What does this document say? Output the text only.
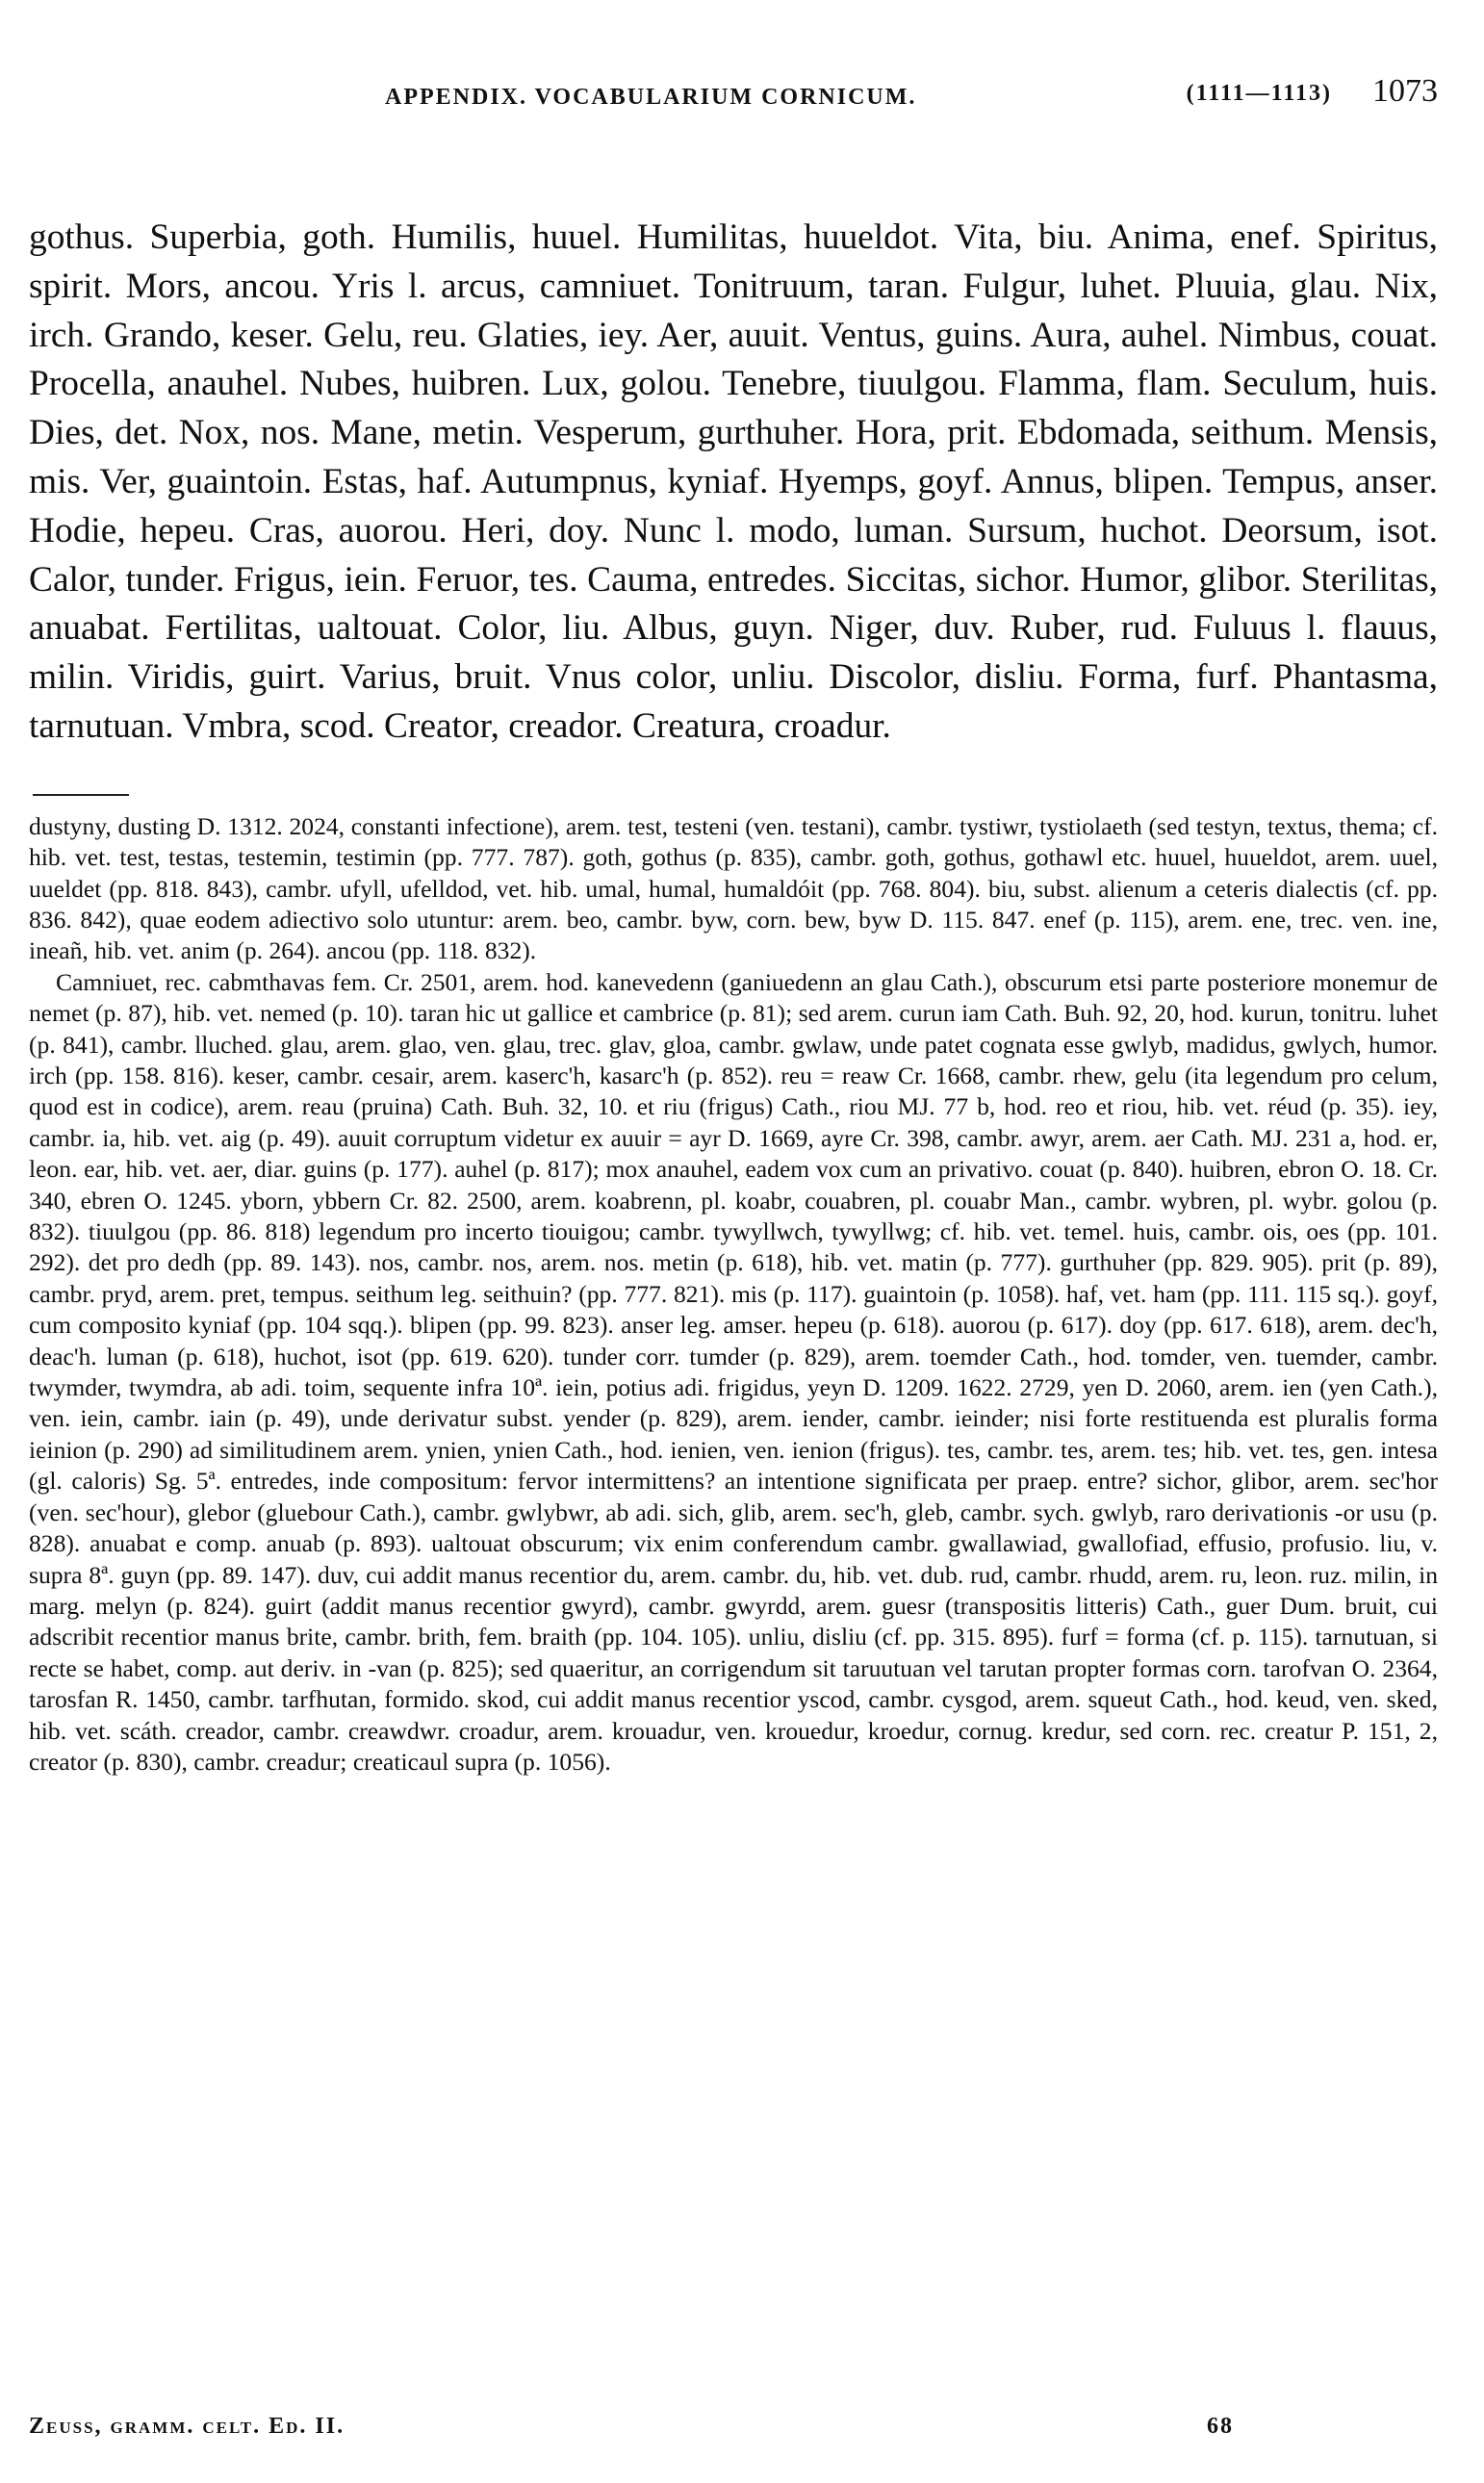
APPENDIX. VOCABULARIUM CORNICUM.	(1111—1113) 1073
gothus. Superbia, goth. Humilis, huuel. Humilitas, huueldot. Vita, biu. Anima, enef. Spiritus, spirit. Mors, ancou. Yris l. arcus, camniuet. Tonitruum, taran. Fulgur, luhet. Pluuia, glau. Nix, irch. Grando, keser. Gelu, reu. Glaties, iey. Aer, auuit. Ventus, guins. Aura, auhel. Nimbus, couat. Procella, anauhel. Nubes, huibren. Lux, golou. Tenebre, tiuulgou. Flamma, flam. Seculum, huis. Dies, det. Nox, nos. Mane, metin. Vesperum, gurthuher. Hora, prit. Ebdomada, seithum. Mensis, mis. Ver, guaintoin. Estas, haf. Autumpnus, kyniaf. Hyemps, goyf. Annus, blipen. Tempus, anser. Hodie, hepeu. Cras, auorou. Heri, doy. Nunc l. modo, luman. Sursum, huchot. Deorsum, isot. Calor, tunder. Frigus, iein. Feruor, tes. Cauma, entredes. Siccitas, sichor. Humor, glibor. Sterilitas, anuabat. Fertilitas, ualtouat. Color, liu. Albus, guyn. Niger, duv. Ruber, rud. Fuluus l. flauus, milin. Viridis, guirt. Varius, bruit. Vnus color, unliu. Discolor, disliu. Forma, furf. Phantasma, tarnutuan. Vmbra, scod. Creator, creador. Creatura, croadur.

dustyny, dusting D. 1312. 2024, constanti infectione), arem. test, testeni (ven. testani), cambr. tystiwr, tystiolaeth (sed testyn, textus, thema; cf. hib. vet. test, testas, testemin, testimin (pp. 777. 787). goth, gothus (p. 835), cambr. goth, gothus, gothawl etc. huuel, huueldot, arem. uuel, uueldet (pp. 818. 843), cambr. ufyll, ufelldod, vet. hib. umal, humal, humaldóit (pp. 768. 804). biu, subst. alienum a ceteris dialectis (cf. pp. 836. 842), quae eodem adiectivo solo utuntur: arem. beo, cambr. byw, corn. bew, byw D. 115. 847. enef (p. 115), arem. ene, trec. ven. ine, ineañ, hib. vet. anim (p. 264). ancou (pp. 118. 832).

Camniuet, rec. cabmthavas fem. Cr. 2501, arem. hod. kanevedenn (ganiuedenn an glau Cath.), obscurum etsi parte posteriore monemur de nemet (p. 87), hib. vet. nemed (p. 10). taran hic ut gallice et cambrice (p. 81); sed arem. curun iam Cath. Buh. 92, 20, hod. kurun, tonitru. luhet (p. 841), cambr. lluched. glau, arem. glao, ven. glau, trec. glav, gloa, cambr. gwlaw, unde patet cognata esse gwlyb, madidus, gwlych, humor. irch (pp. 158. 816). keser, cambr. cesair, arem. kaserc'h, kasarc'h (p. 852). reu = reaw Cr. 1668, cambr. rhew, gelu (ita legendum pro celum, quod est in codice), arem. reau (pruina) Cath. Buh. 32, 10. et riu (frigus) Cath., riou MJ. 77 b, hod. reo et riou, hib. vet. réud (p. 35). iey, cambr. ia, hib. vet. aig (p. 49). auuit corruptum videtur ex auuir = ayr D. 1669, ayre Cr. 398, cambr. awyr, arem. aer Cath. MJ. 231 a, hod. er, leon. ear, hib. vet. aer, diar. guins (p. 177). auhel (p. 817); mox anauhel, eadem vox cum an privativo. couat (p. 840). huibren, ebron O. 18. Cr. 340, ebren O. 1245. yborn, ybbern Cr. 82. 2500, arem. koabrenn, pl. koabr, couabren, pl. couabr Man., cambr. wybren, pl. wybr. golou (p. 832). tiuulgou (pp. 86. 818) legendum pro incerto tiouigou; cambr. tywyllwch, tywyllwg; cf. hib. vet. temel. huis, cambr. ois, oes (pp. 101. 292). det pro dedh (pp. 89. 143). nos, cambr. nos, arem. nos. metin (p. 618), hib. vet. matin (p. 777). gurthuher (pp. 829. 905). prit (p. 89), cambr. pryd, arem. pret, tempus. seithum leg. seithuin? (pp. 777. 821). mis (p. 117). guaintoin (p. 1058). haf, vet. ham (pp. 111. 115 sq.). goyf, cum composito kyniaf (pp. 104 sqq.). blipen (pp. 99. 823). anser leg. amser. hepeu (p. 618). auorou (p. 617). doy (pp. 617. 618), arem. dec'h, deac'h. luman (p. 618), huchot, isot (pp. 619. 620). tunder corr. tumder (p. 829), arem. toemder Cath., hod. tomder, ven. tuemder, cambr. twymder, twymdra, ab adi. toim, sequente infra 10ª. iein, potius adi. frigidus, yeyn D. 1209. 1622. 2729, yen D. 2060, arem. ien (yen Cath.), ven. iein, cambr. iain (p. 49), unde derivatur subst. yender (p. 829), arem. iender, cambr. ieinder; nisi forte restituenda est pluralis forma ieinion (p. 290) ad similitudinem arem. ynien, ynien Cath., hod. ienien, ven. ienion (frigus). tes, cambr. tes, arem. tes; hib. vet. tes, gen. intesa (gl. caloris) Sg. 5ª. entredes, inde compositum: fervor intermittens? an intentione significata per praep. entre? sichor, glibor, arem. sec'hor (ven. sec'hour), glebor (gluebour Cath.), cambr. gwlybwr, ab adi. sich, glib, arem. sec'h, gleb, cambr. sych. gwlyb, raro derivationis -or usu (p. 828). anuabat e comp. anuab (p. 893). ualtouat obscurum; vix enim conferendum cambr. gwallawiad, gwallofiad, effusio, profusio. liu, v. supra 8ª. guyn (pp. 89. 147). duv, cui addit manus recentior du, arem. cambr. du, hib. vet. dub. rud, cambr. rhudd, arem. ru, leon. ruz. milin, in marg. melyn (p. 824). guirt (addit manus recentior gwyrd), cambr. gwyrdd, arem. guesr (transpositis litteris) Cath., guer Dum. bruit, cui adscribit recentior manus brite, cambr. brith, fem. braith (pp. 104. 105). unliu, disliu (cf. pp. 315. 895). furf = forma (cf. p. 115). tarnutuan, si recte se habet, comp. aut deriv. in -van (p. 825); sed quaeritur, an corrigendum sit taruutuan vel tarutan propter formas corn. tarofvan O. 2364, tarosfan R. 1450, cambr. tarfhutan, formido. skod, cui addit manus recentior yscod, cambr. cysgod, arem. squeut Cath., hod. keud, ven. sked, hib. vet. scáth. creador, cambr. creawdwr. croadur, arem. krouadur, ven. krouedur, kroedur, cornug. kredur, sed corn. rec. creatur P. 151, 2, creator (p. 830), cambr. creadur; creaticaul supra (p. 1056).

Zeuss, gramm. celt. Ed. II.	68
